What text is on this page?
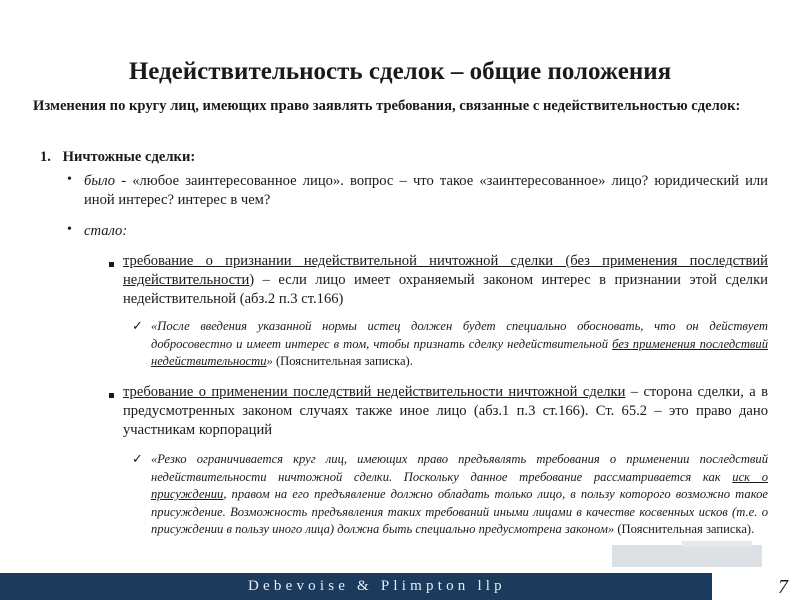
Недействительность сделок – общие положения

Изменения по кругу лиц, имеющих право заявлять требования, связанные с недействительностью сделок:

1. Ничтожные сделки:
• было - «любое заинтересованное лицо». вопрос – что такое «заинтересованное» лицо? юридический или иной интерес? интерес в чем?

• стало:

требование о признании недействительной ничтожной сделки (без применения последствий недействительности) – если лицо имеет охраняемый законом интерес в признании этой сделки недействительной (абз.2 п.3 ст.166)

✓ «После введения указанной нормы истец должен будет специально обосновать, что он действует добросовестно и имеет интерес в том, чтобы признать сделку недействительной без применения последствий недействительности» (Пояснительная записка).

требование о применении последствий недействительности ничтожной сделки – сторона сделки, а в предусмотренных законом случаях также иное лицо (абз.1 п.3 ст.166). Ст. 65.2 – это право дано участникам корпораций

✓ «Резко ограничивается круг лиц, имеющих право предъявлять требования о применении последствий недействительности ничтожной сделки. Поскольку данное требование рассматривается как иск о присуждении, правом на его предъявление должно обладать только лицо, в пользу которого возможно такое присуждение. Возможность предъявления таких требований иными лицами в качестве косвенных исков (т.е. о присуждении в пользу иного лица) должна быть специально предусмотрена законом» (Пояснительная записка).

Debevoise & Plimpton llp	7
